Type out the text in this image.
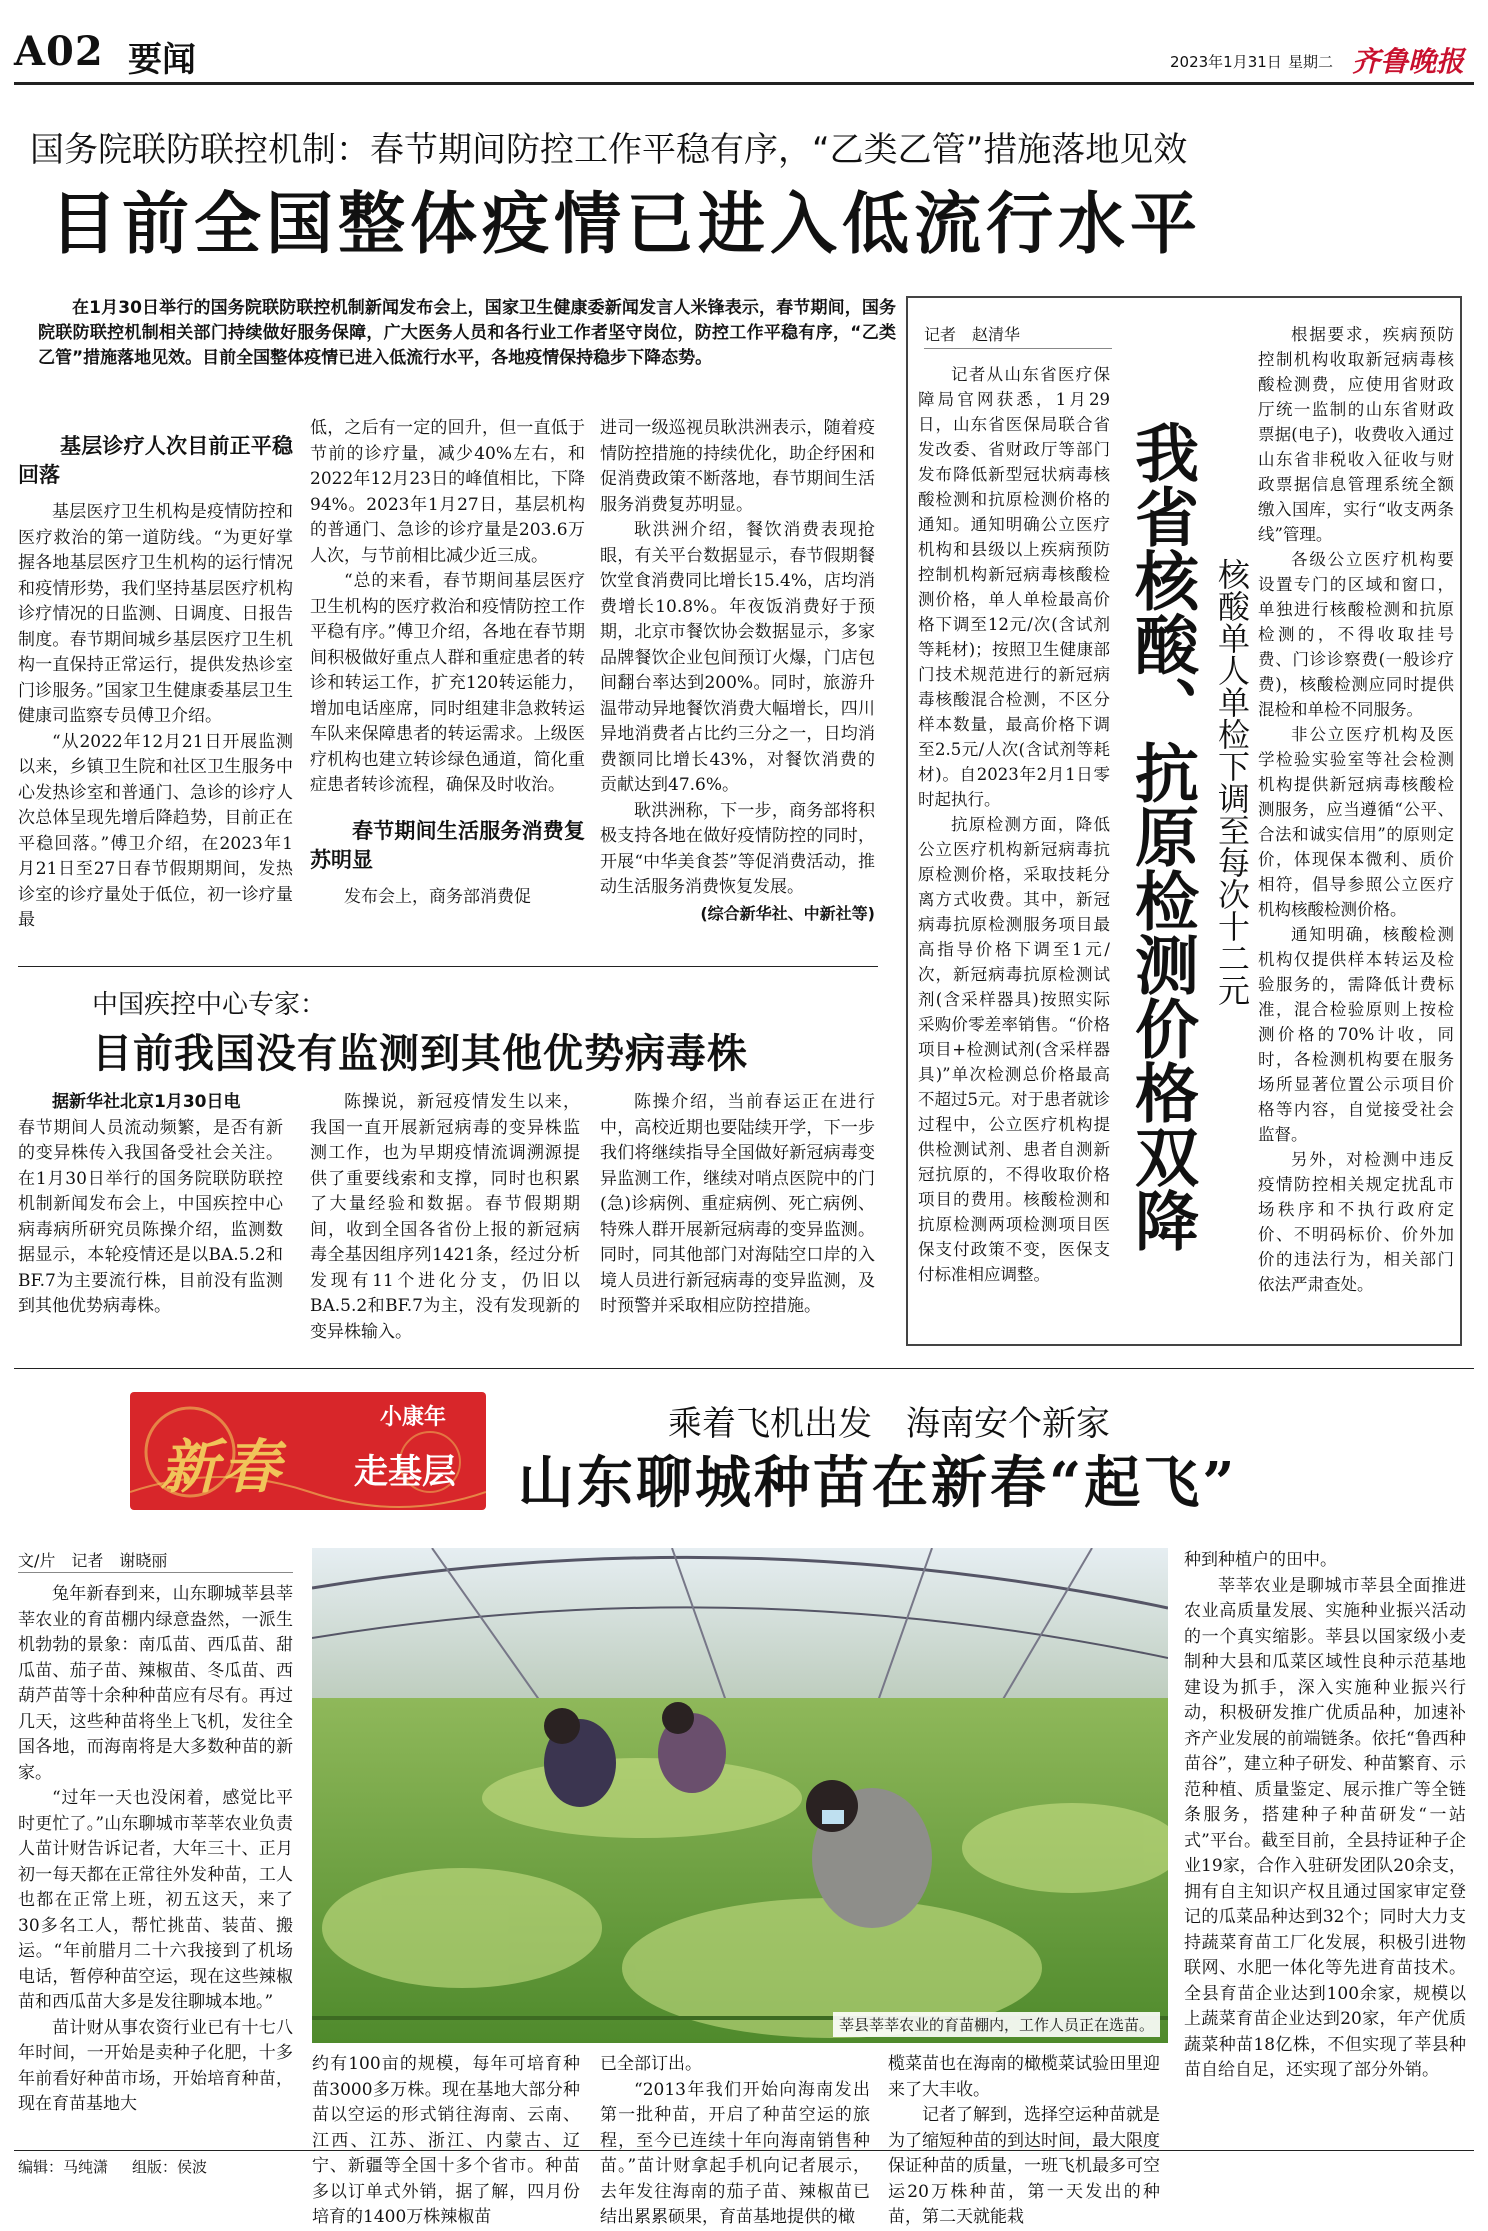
A02 要闻	2023年1月31日 星期二 齐鲁晚报
国务院联防联控机制：春节期间防控工作平稳有序，“乙类乙管”措施落地见效
目前全国整体疫情已进入低流行水平

在1月30日举行的国务院联防联控机制新闻发布会上，国家卫生健康委新闻发言人米锋表示，春节期间，国务院联防联控机制相关部门持续做好服务保障，广大医务人员和各行业工作者坚守岗位，防控工作平稳有序，“乙类乙管”措施落地见效。目前全国整体疫情已进入低流行水平，各地疫情保持稳步下降态势。

基层诊疗人次目前正平稳回落

基层医疗卫生机构是疫情防控和医疗救治的第一道防线。“为更好掌握各地基层医疗卫生机构的运行情况和疫情形势，我们坚持基层医疗机构诊疗情况的日监测、日调度、日报告制度。春节期间城乡基层医疗卫生机构一直保持正常运行，提供发热诊室门诊服务。”国家卫生健康委基层卫生健康司监察专员傅卫介绍。

“从2022年12月21日开展监测以来，乡镇卫生院和社区卫生服务中心发热诊室和普通门、急诊的诊疗人次总体呈现先增后降趋势，目前正在平稳回落。”傅卫介绍，在2023年1月21日至27日春节假期期间，发热诊室的诊疗量处于低位，初一诊疗量最

低，之后有一定的回升，但一直低于节前的诊疗量，减少40%左右，和2022年12月23日的峰值相比，下降94%。2023年1月27日，基层机构的普通门、急诊的诊疗量是203.6万人次，与节前相比减少近三成。

“总的来看，春节期间基层医疗卫生机构的医疗救治和疫情防控工作平稳有序。”傅卫介绍，各地在春节期间积极做好重点人群和重症患者的转诊和转运工作，扩充120转运能力，增加电话座席，同时组建非急救转运车队来保障患者的转运需求。上级医疗机构也建立转诊绿色通道，简化重症患者转诊流程，确保及时收治。

春节期间生活服务消费复苏明显

发布会上，商务部消费促

进司一级巡视员耿洪洲表示，随着疫情防控措施的持续优化，助企纾困和促消费政策不断落地，春节期间生活服务消费复苏明显。

耿洪洲介绍，餐饮消费表现抢眼，有关平台数据显示，春节假期餐饮堂食消费同比增长15.4%，店均消费增长10.8%。年夜饭消费好于预期，北京市餐饮协会数据显示，多家品牌餐饮企业包间预订火爆，门店包间翻台率达到200%。同时，旅游升温带动异地餐饮消费大幅增长，四川异地消费者占比约三分之一，日均消费额同比增长43%，对餐饮消费的贡献达到47.6%。

耿洪洲称，下一步，商务部将积极支持各地在做好疫情防控的同时，开展“中华美食荟”等促消费活动，推动生活服务消费恢复发展。

(综合新华社、中新社等)
中国疾控中心专家：
目前我国没有监测到其他优势病毒株

据新华社北京1月30日电

春节期间人员流动频繁，是否有新的变异株传入我国备受社会关注。在1月30日举行的国务院联防联控机制新闻发布会上，中国疾控中心病毒病所研究员陈操介绍，监测数据显示，本轮疫情还是以BA.5.2和BF.7为主要流行株，目前没有监测到其他优势病毒株。

陈操说，新冠疫情发生以来，我国一直开展新冠病毒的变异株监测工作，也为早期疫情流调溯源提供了重要线索和支撑，同时也积累了大量经验和数据。春节假期期间，收到全国各省份上报的新冠病毒全基因组序列1421条，经过分析发现有11个进化分支，仍旧以BA.5.2和BF.7为主，没有发现新的变异株输入。

陈操介绍，当前春运正在进行中，高校近期也要陆续开学，下一步我们将继续指导全国做好新冠病毒变异监测工作，继续对哨点医院中的门(急)诊病例、重症病例、死亡病例、特殊人群开展新冠病毒的变异监测。同时，同其他部门对海陆空口岸的入境人员进行新冠病毒的变异监测，及时预警并采取相应防控措施。

记者　赵清华

记者从山东省医疗保障局官网获悉，1月29日，山东省医保局联合省发改委、省财政厅等部门发布降低新型冠状病毒核酸检测和抗原检测价格的通知。通知明确公立医疗机构和县级以上疾病预防控制机构新冠病毒核酸检测价格，单人单检最高价格下调至12元/次(含试剂等耗材)；按照卫生健康部门技术规范进行的新冠病毒核酸混合检测，不区分样本数量，最高价格下调至2.5元/人次(含试剂等耗材)。自2023年2月1日零时起执行。

抗原检测方面，降低公立医疗机构新冠病毒抗原检测价格，采取技耗分离方式收费。其中，新冠病毒抗原检测服务项目最高指导价格下调至1元/次，新冠病毒抗原检测试剂(含采样器具)按照实际采购价零差率销售。“价格项目+检测试剂(含采样器具)”单次检测总价格最高不超过5元。对于患者就诊过程中，公立医疗机构提供检测试剂、患者自测新冠抗原的，不得收取价格项目的费用。核酸检测和抗原检测两项检测项目医保支付政策不变，医保支付标准相应调整。

我省核酸、抗原检测价格双降 核酸单人单检下调至每次十二元

根据要求，疾病预防控制机构收取新冠病毒核酸检测费，应使用省财政厅统一监制的山东省财政票据(电子)，收费收入通过山东省非税收入征收与财政票据信息管理系统全额缴入国库，实行“收支两条线”管理。

各级公立医疗机构要设置专门的区域和窗口，单独进行核酸检测和抗原检测的，不得收取挂号费、门诊诊察费(一般诊疗费)，核酸检测应同时提供混检和单检不同服务。

非公立医疗机构及医学检验实验室等社会检测机构提供新冠病毒核酸检测服务，应当遵循“公平、合法和诚实信用”的原则定价，体现保本微利、质价相符，倡导参照公立医疗机构核酸检测价格。

通知明确，核酸检测机构仅提供样本转运及检验服务的，需降低计费标准，混合检验原则上按检测价格的70%计收，同时，各检测机构要在服务场所显著位置公示项目价格等内容，自觉接受社会监督。

另外，对检测中违反疫情防控相关规定扰乱市场秩序和不执行政府定价、不明码标价、价外加价的违法行为，相关部门依法严肃查处。

小康年
新春 走基层
乘着飞机出发　海南安个新家
山东聊城种苗在新春“起飞”
文/片　记者　谢晓丽
莘县莘莘农业的育苗棚内，工作人员正在选苗。

兔年新春到来，山东聊城莘县莘莘农业的育苗棚内绿意盎然，一派生机勃勃的景象：南瓜苗、西瓜苗、甜瓜苗、茄子苗、辣椒苗、冬瓜苗、西葫芦苗等十余种种苗应有尽有。再过几天，这些种苗将坐上飞机，发往全国各地，而海南将是大多数种苗的新家。

“过年一天也没闲着，感觉比平时更忙了。”山东聊城市莘莘农业负责人苗计财告诉记者，大年三十、正月初一每天都在正常往外发种苗，工人也都在正常上班，初五这天，来了30多名工人，帮忙挑苗、装苗、搬运。“年前腊月二十六我接到了机场电话，暂停种苗空运，现在这些辣椒苗和西瓜苗大多是发往聊城本地。”

苗计财从事农资行业已有十七八年时间，一开始是卖种子化肥，十多年前看好种苗市场，开始培育种苗，现在育苗基地大

约有100亩的规模，每年可培育种苗3000多万株。现在基地大部分种苗以空运的形式销往海南、云南、江西、江苏、浙江、内蒙古、辽宁、新疆等全国十多个省市。种苗多以订单式外销，据了解，四月份培育的1400万株辣椒苗

已全部订出。

“2013年我们开始向海南发出第一批种苗，开启了种苗空运的旅程，至今已连续十年向海南销售种苗。”苗计财拿起手机向记者展示，去年发往海南的茄子苗、辣椒苗已结出累累硕果，育苗基地提供的橄

榄菜苗也在海南的橄榄菜试验田里迎来了大丰收。

记者了解到，选择空运种苗就是为了缩短种苗的到达时间，最大限度保证种苗的质量，一班飞机最多可空运20万株种苗，第一天发出的种苗，第二天就能栽

种到种植户的田中。

莘莘农业是聊城市莘县全面推进农业高质量发展、实施种业振兴活动的一个真实缩影。莘县以国家级小麦制种大县和瓜菜区域性良种示范基地建设为抓手，深入实施种业振兴行动，积极研发推广优质品种，加速补齐产业发展的前端链条。依托“鲁西种苗谷”，建立种子研发、种苗繁育、示范种植、质量鉴定、展示推广等全链条服务，搭建种子种苗研发“一站式”平台。截至目前，全县持证种子企业19家，合作入驻研发团队20余支，拥有自主知识产权且通过国家审定登记的瓜菜品种达到32个；同时大力支持蔬菜育苗工厂化发展，积极引进物联网、水肥一体化等先进育苗技术。全县育苗企业达到100余家，规模以上蔬菜育苗企业达到20家，年产优质蔬菜种苗18亿株，不但实现了莘县种苗自给自足，还实现了部分外销。

编辑：马纯潇 组版：侯波
